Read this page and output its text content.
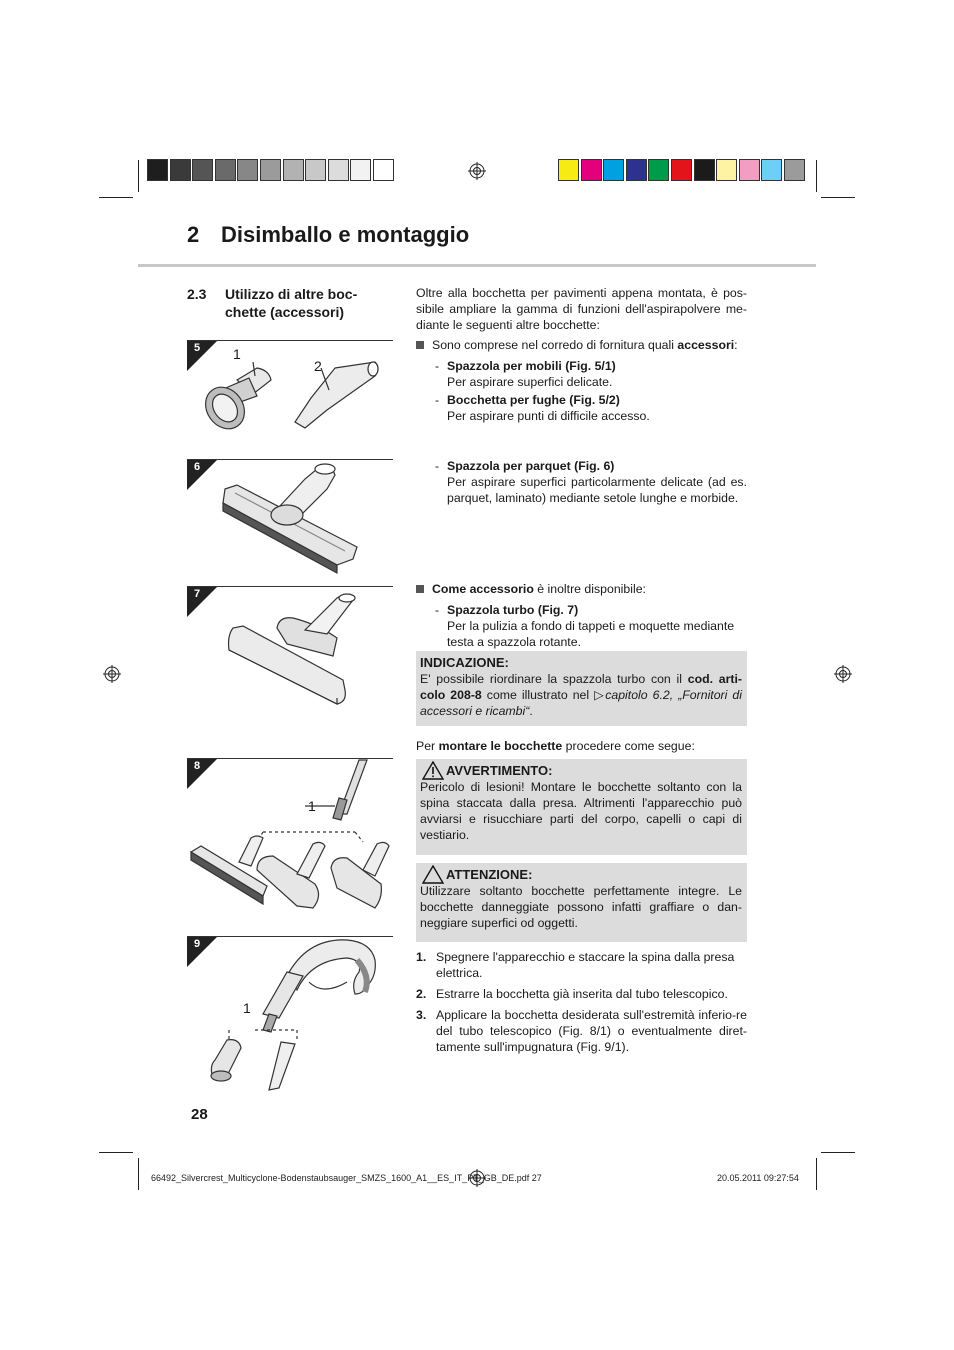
2 Disimballo e montaggio
2.3 Utilizzo di altre boc-chette (accessori)
5 1
2
6
7
8
1
9
1
Oltre alla bocchetta per pavimenti appena montata, è pos-sibile ampliare la gamma di funzioni dell'aspirapolvere me-diante le seguenti altre bocchette:
Sono comprese nel corredo di fornitura quali accessori:
- Spazzola per mobili (Fig. 5/1)
Per aspirare superfici delicate.
- Bocchetta per fughe (Fig. 5/2)
Per aspirare punti di difficile accesso.
- Spazzola per parquet (Fig. 6)
Per aspirare superfici particolarmente delicate (ad es. parquet, laminato) mediante setole lunghe e morbide.
Come accessorio è inoltre disponibile:
- Spazzola turbo (Fig. 7)
Per la pulizia a fondo di tappeti e moquette mediante testa a spazzola rotante.
INDICAZIONE:
E' possibile riordinare la spazzola turbo con il cod. arti-colo 208-8 come illustrato nel ▷capitolo 6.2, „Fornitori di accessori e ricambi“.
Per montare le bocchette procedere come segue:
AVVERTIMENTO:
Pericolo di lesioni! Montare le bocchette soltanto con la spina staccata dalla presa. Altrimenti l'apparecchio può avviarsi e risucchiare parti del corpo, capelli o capi di vestiario.
ATTENZIONE:
Utilizzare soltanto bocchette perfettamente integre. Le bocchette danneggiate possono infatti graffiare o dan-neggiare superfici od oggetti.
1. Spegnere l'apparecchio e staccare la spina dalla presa elettrica.
2. Estrarre la bocchetta già inserita dal tubo telescopico.
3. Applicare la bocchetta desiderata sull'estremità inferio-re del tubo telescopico (Fig. 8/1) o eventualmente diret-tamente sull'impugnatura (Fig. 9/1).
28
66492_Silvercrest_Multicyclone-Bodenstaubsauger_SMZS_1600_A1__ES_IT_PT_GB_DE.pdf 27	20.05.2011 09:27:54
